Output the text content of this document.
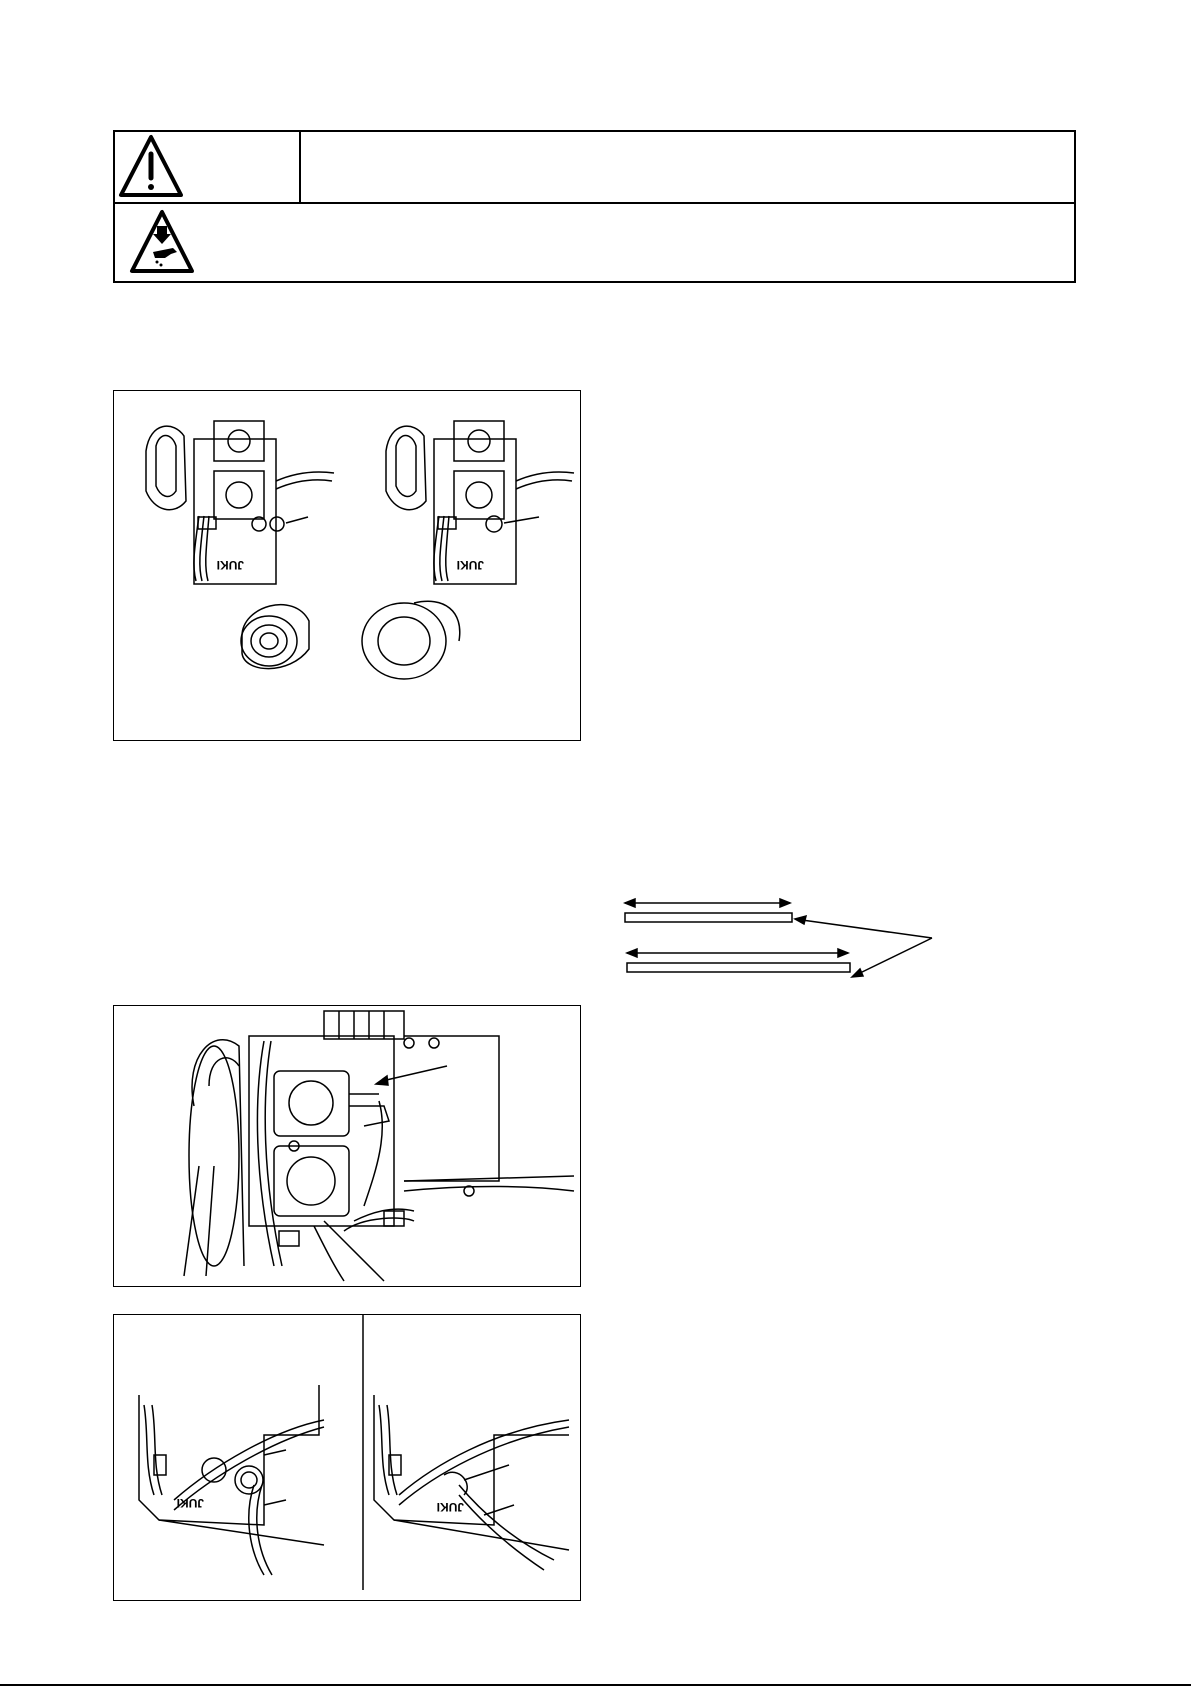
JUKI	JUKI
JUKI	JUKI
